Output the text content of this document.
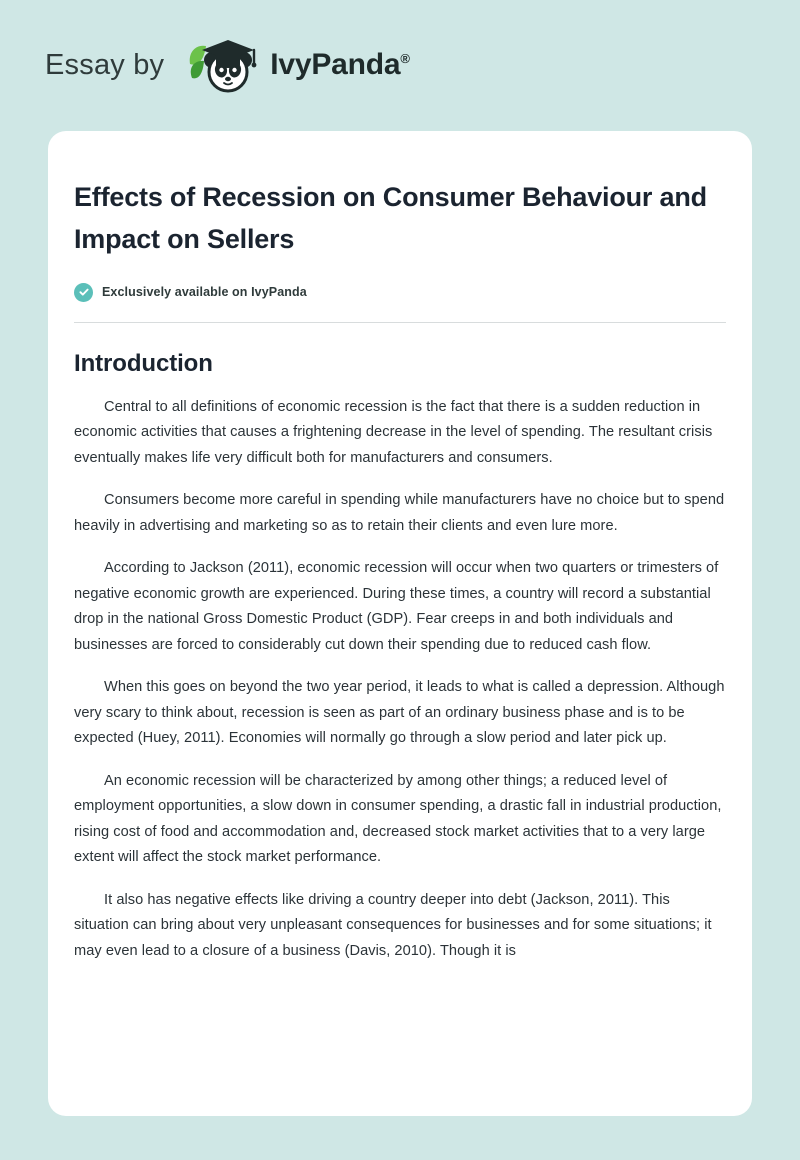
Essay by	IvyPanda®
Effects of Recession on Consumer Behaviour and Impact on Sellers
Exclusively available on IvyPanda
Introduction

Central to all definitions of economic recession is the fact that there is a sudden reduction in economic activities that causes a frightening decrease in the level of spending. The resultant crisis eventually makes life very difficult both for manufacturers and consumers.

Consumers become more careful in spending while manufacturers have no choice but to spend heavily in advertising and marketing so as to retain their clients and even lure more.

According to Jackson (2011), economic recession will occur when two quarters or trimesters of negative economic growth are experienced. During these times, a country will record a substantial drop in the national Gross Domestic Product (GDP). Fear creeps in and both individuals and businesses are forced to considerably cut down their spending due to reduced cash flow.

When this goes on beyond the two year period, it leads to what is called a depression. Although very scary to think about, recession is seen as part of an ordinary business phase and is to be expected (Huey, 2011). Economies will normally go through a slow period and later pick up.

An economic recession will be characterized by among other things; a reduced level of employment opportunities, a slow down in consumer spending, a drastic fall in industrial production, rising cost of food and accommodation and, decreased stock market activities that to a very large extent will affect the stock market performance.

It also has negative effects like driving a country deeper into debt (Jackson, 2011). This situation can bring about very unpleasant consequences for businesses and for some situations; it may even lead to a closure of a business (Davis, 2010). Though it is
